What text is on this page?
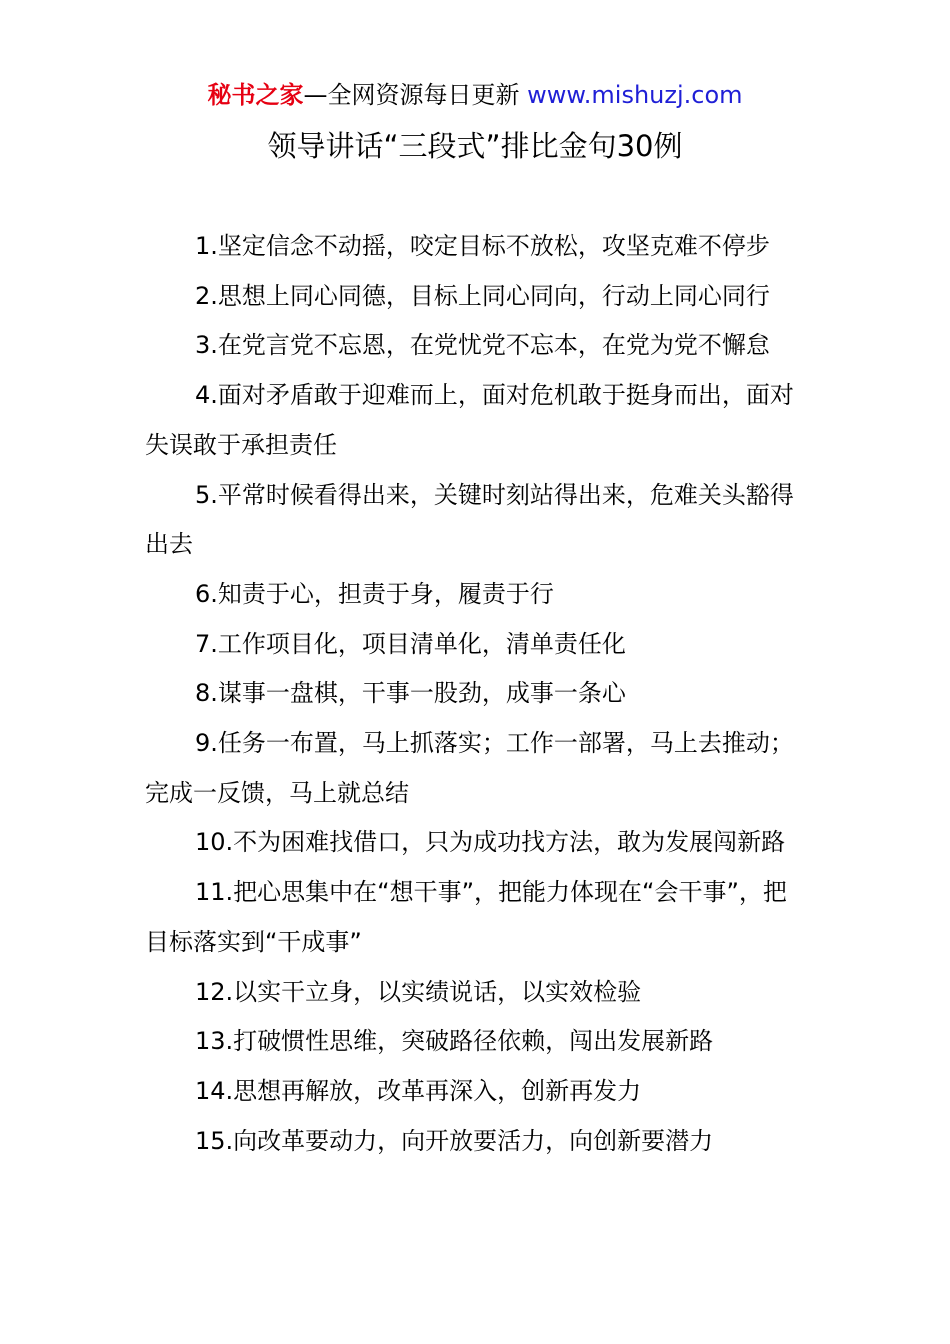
秘书之家—全网资源每日更新 www.mishuzj.com
领导讲话“三段式”排比金句30例

1.坚定信念不动摇，咬定目标不放松，攻坚克难不停步

2.思想上同心同德，目标上同心同向，行动上同心同行

3.在党言党不忘恩，在党忧党不忘本，在党为党不懈怠

4.面对矛盾敢于迎难而上，面对危机敢于挺身而出，面对失误敢于承担责任

5.平常时候看得出来，关键时刻站得出来，危难关头豁得出去

6.知责于心，担责于身，履责于行

7.工作项目化，项目清单化，清单责任化

8.谋事一盘棋，干事一股劲，成事一条心

9.任务一布置，马上抓落实；工作一部署，马上去推动；完成一反馈，马上就总结

10.不为困难找借口，只为成功找方法，敢为发展闯新路

11.把心思集中在“想干事”，把能力体现在“会干事”，把目标落实到“干成事”

12.以实干立身，以实绩说话，以实效检验

13.打破惯性思维，突破路径依赖，闯出发展新路

14.思想再解放，改革再深入，创新再发力

15.向改革要动力，向开放要活力，向创新要潜力
